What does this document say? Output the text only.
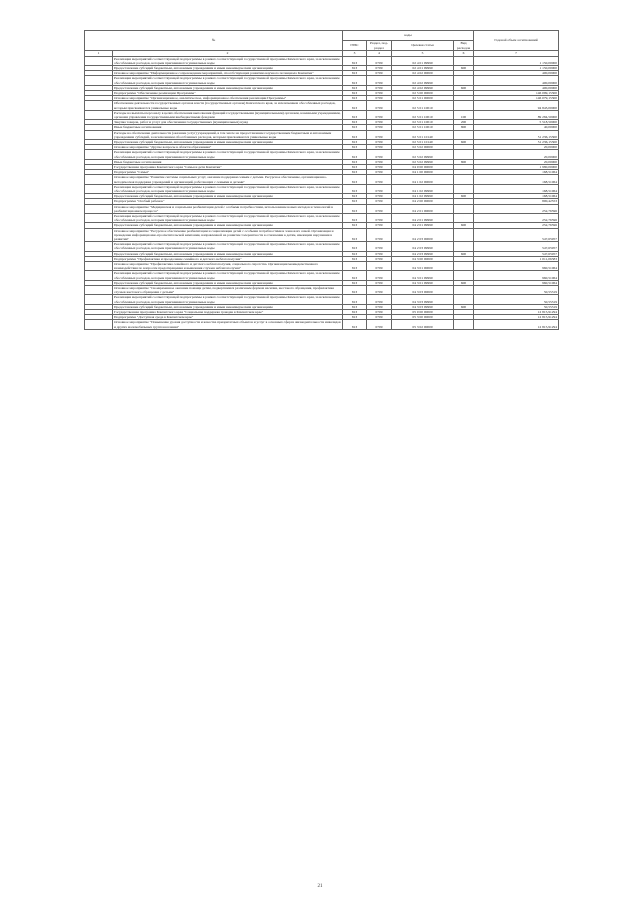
№		коды				Годовой объем ассигнований
		ГРБС	Раздел, под-раздел	Целевая статья	Вид расходов	
1	2	3	4	5	6	7
	Реализация мероприятий соответствующей подпрограммы в рамках соответствующей государственной программы Камчатского края, за исключением обособленных расходов, которым присваиваются уникальные коды	813	0709	02 4 01 09990		1 150,00000
	Предоставление субсидий бюджетным, автономным учреждениям и иным некоммерческим организациям	813	0709	02 4 01 09990	600	1 150,00000
	Основное мероприятие "Информационное сопровождение мероприятий, способствующих развитию научного потенциала Камчатки"	813	0709	02 4 02 00000		400,00000
	Реализация мероприятий соответствующей подпрограммы в рамках соответствующей государственной программы Камчатского края, за исключением обособленных расходов, которым присваиваются уникальные коды	813	0709	02 4 02 09990		400,00000
	Предоставление субсидий бюджетным, автономным учреждениям и иным некоммерческим организациям	813	0709	02 4 02 09990	600	400,00000
	Подпрограмма "Обеспечение реализации Программы"	813	0709	02 5 00 00000		146 099,15300
	Основное мероприятие "Организационное, аналитическое, информационное обеспечения реализации Программы"	813	0709	02 5 01 00000		146 079,15300
	Обеспечение деятельности государственных органов власти (государственных органов) Камчатского края, за исключением обособленных расходов, которым присваиваются уникальные коды	813	0709	02 5 01 10010		94 843,00000
	Расходы на выплаты персоналу в целях обеспечения выполнения функций государственными (муниципальными) органами, казенными учреждениями, органами управления государственными внебюджетными фондами	813	0709	02 5 01 10010	100	89 284,50000
	Закупка товаров, работ и услуг для обеспечения государственных (муниципальных) нужд	813	0709	02 5 01 10010	200	5 518,50000
	Иные бюджетные ассигнования	813	0709	02 5 01 10010	800	40,00000
	Расходы на обеспечение деятельности (оказание услуг) учреждений, в том числе на предоставление государственным бюджетным и автономным учреждениям субсидий, за исключением обособленных расходов, которым присваиваются уникальные коды	813	0709	02 5 01 10140		51 236,15300
	Предоставление субсидий бюджетным, автономным учреждениям и иным некоммерческим организациям	813	0709	02 5 01 10140	600	51 236,15300
	Основное мероприятие "Другие вопросы в области образования"	813	0709	02 5 02 00000		20,00000
	Реализация мероприятий соответствующей подпрограммы в рамках соответствующей государственной программы Камчатского края, за исключением обособленных расходов, которым присваиваются уникальные коды	813	0709	02 5 02 09990		20,00000
	Иные бюджетные ассигнования	813	0709	02 5 02 09990	800	20,00000
	Государственная программа Камчатского края "Семья и дети Камчатки"	813	0709	04 0 00 00000		1 980,00000
	Подпрограмма "Семья"	813	0709	04 1 00 00000		168,51064
	Основное мероприятие "Развитие системы социальных услуг, оказание поддержки семьям с детьми. Ресурсное обеспечение, организационно-методическая поддержка учреждений и организаций, работающих с семьями и детьми"	813	0709	04 1 02 00000		168,51064
	Реализация мероприятий соответствующей подпрограммы в рамках соответствующей государственной программы Камчатского края, за исключением обособленных расходов, которым присваиваются уникальные коды	813	0709	04 1 02 09990		168,51064
	Предоставление субсидий бюджетным, автономным учреждениям и иным некоммерческим организациям	813	0709	04 1 02 09990	600	168,51064
	Подпрограмма "Особый ребенок"	813	0709	04 2 00 00000		800,42553
	Основное мероприятие "Медицинская и социальная реабилитация детей с особыми потребностями, использование новых методов и технологий в реабилитационном процессе"	813	0709	04 2 01 00000		252,76596
	Реализация мероприятий соответствующей подпрограммы в рамках соответствующей государственной программы Камчатского края, за исключением обособленных расходов, которым присваиваются уникальные коды	813	0709	04 2 01 09990		252,76596
	Предоставление субсидий бюджетным, автономным учреждениям и иным некоммерческим организациям	813	0709	04 2 01 09990	600	252,76596
	Основное мероприятие "Ресурсное обеспечение реабилитации и социализации детей с особыми потребностями и членов их семей. Организация и проведение информационно-просветительской кампании, направленной на развитие толерантности в отношении к детям, имеющим нарушения в развитии"	813	0709	04 2 03 00000		547,65957
	Реализация мероприятий соответствующей подпрограммы в рамках соответствующей государственной программы Камчатского края, за исключением обособленных расходов, которым присваиваются уникальные коды	813	0709	04 2 03 09990		547,65957
	Предоставление субсидий бюджетным, автономным учреждениям и иным некоммерческим организациям	813	0709	04 2 03 09990	600	547,65957
	Подпрограмма "Профилактика и преодоление семейного и детского неблагополучия"	813	0709	04 3 00 00000		1 011,06383
	Основное мероприятие "Профилактика семейного и детского неблагополучия, социального сиротства. Организация межведомственного взаимодействия по вопросам предотвращения и выявления случаев неблагополучия"	813	0709	04 3 01 00000		960,51064
	Реализация мероприятий соответствующей подпрограммы в рамках соответствующей государственной программы Камчатского края, за исключением обособленных расходов, которым присваиваются уникальные коды	813	0709	04 3 01 09990		960,51064
	Предоставление субсидий бюджетным, автономным учреждениям и иным некоммерческим организациям	813	0709	04 3 01 09990	600	960,51064
	Основное мероприятие "Своевременное оказание помощи детям, подвергшимся различным формам насилия, жестокого обращения, профилактика случаев жестокого обращения с детьми"	813	0709	04 3 03 00000		50,55319
	Реализация мероприятий соответствующей подпрограммы в рамках соответствующей государственной программы Камчатского края, за исключением обособленных расходов, которым присваиваются уникальные коды	813	0709	04 3 03 09990		50,55319
	Предоставление субсидий бюджетным, автономным учреждениям и иным некоммерческим организациям	813	0709	04 3 03 09990	600	50,55319
	Государственная программа Камчатского края "Социальная поддержка граждан в Камчатском крае"	813	0709	05 0 00 00000		12 815,91294
	Подпрограмма "Доступная среда в Камчатском крае"	813	0709	05 3 00 00000		12 815,91294
	Основное мероприятие "Повышение уровня доступности и качества приоритетных объектов и услуг в основных сферах жизнедеятельности инвалидов и других маломобильных групп населения"	813	0709	05 3 02 00000		12 815,91294
21
